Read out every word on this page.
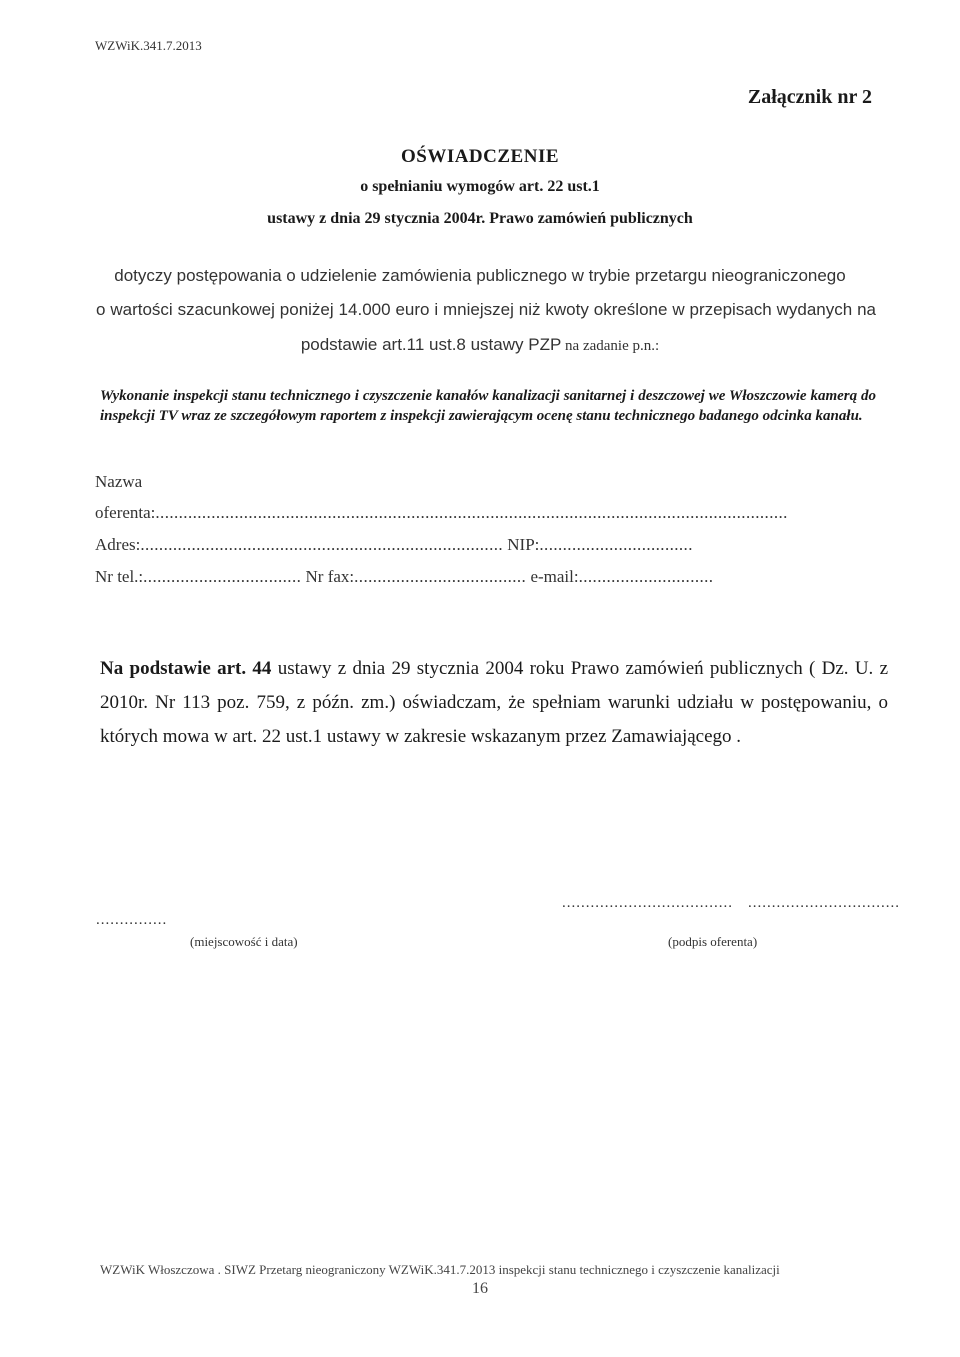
WZWiK.341.7.2013
Załącznik nr 2
OŚWIADCZENIE
o spełnianiu wymogów art. 22 ust.1
ustawy z dnia 29 stycznia 2004r. Prawo zamówień publicznych
dotyczy postępowania o udzielenie zamówienia publicznego w trybie przetargu nieograniczonego
o wartości szacunkowej poniżej 14.000 euro i mniejszej niż kwoty określone w przepisach wydanych na
podstawie art.11 ust.8 ustawy PZP na zadanie p.n.:
Wykonanie inspekcji stanu technicznego i czyszczenie kanałów kanalizacji sanitarnej i deszczowej we Włoszczowie kamerą do inspekcji TV wraz ze szczegółowym raportem z inspekcji zawierającym ocenę stanu technicznego badanego odcinka kanału.
Nazwa
oferenta:........................................................................................................................................
Adres:.............................................................................. NIP:.................................
Nr tel.:.................................. Nr fax:..................................... e-mail:.............................
Na podstawie art. 44 ustawy z dnia 29 stycznia 2004 roku Prawo zamówień publicznych ( Dz. U. z 2010r. Nr 113 poz. 759, z późn. zm.) oświadczam, że spełniam warunki udziału w postępowaniu, o których mowa w art. 22 ust.1 ustawy w zakresie wskazanym przez Zamawiającego .
...............
(miejscowość i data)
.................................... ................................
(podpis oferenta)
WZWiK Włoszczowa . SIWZ Przetarg nieograniczony WZWiK.341.7.2013 inspekcji stanu technicznego i czyszczenie kanalizacji
16
